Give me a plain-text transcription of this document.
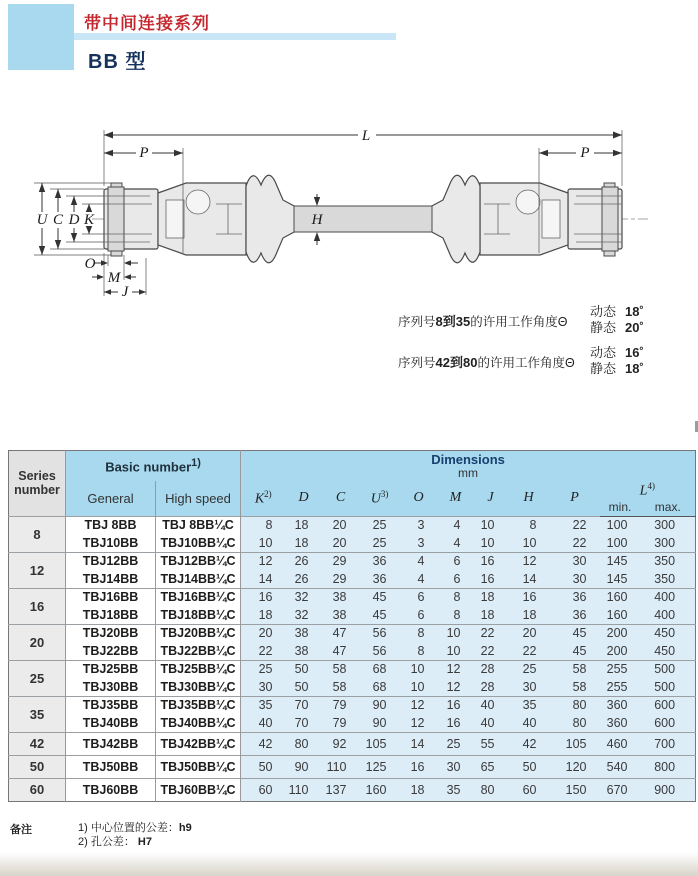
带中间连接系列
BB 型
L
P	P
U C D K	H
O
M
J
序列号8到35的许用工作角度Θ
动态 18˚
静态 20˚
序列号42到80的许用工作角度Θ
动态 16˚
静态 18˚
Series
number
	Basic number$^{1)}$	Dimensions
mm

	General	High speed	$K^{2)}$	D	C	$U^{3)}$	O	M	J	H	P	$L^{4)}$
												min.	max.
8	TBJ 8BB	TBJ 8BB¼C	8	18	20	25	3	4	10	8	22	100	300
	TBJ10BB	TBJ10BB¼C	10	18	20	25	3	4	10	10	22	100	300
12	TBJ12BB	TBJ12BB¼C	12	26	29	36	4	6	16	12	30	145	350
	TBJ14BB	TBJ14BB¼C	14	26	29	36	4	6	16	14	30	145	350
16	TBJ16BB	TBJ16BB¼C	16	32	38	45	6	8	18	16	36	160	400
	TBJ18BB	TBJ18BB¼C	18	32	38	45	6	8	18	18	36	160	400
20	TBJ20BB	TBJ20BB¼C	20	38	47	56	8	10	22	20	45	200	450
	TBJ22BB	TBJ22BB¼C	22	38	47	56	8	10	22	22	45	200	450
25	TBJ25BB	TBJ25BB¼C	25	50	58	68	10	12	28	25	58	255	500
	TBJ30BB	TBJ30BB¼C	30	50	58	68	10	12	28	30	58	255	500
35	TBJ35BB	TBJ35BB¼C	35	70	79	90	12	16	40	35	80	360	600
	TBJ40BB	TBJ40BB¼C	40	70	79	90	12	16	40	40	80	360	600
42	TBJ42BB	TBJ42BB¼C	42	80	92	105	14	25	55	42	105	460	700
50	TBJ50BB	TBJ50BB¼C	50	90	110	125	16	30	65	50	120	540	800
60	TBJ60BB	TBJ60BB¼C	60	110	137	160	18	35	80	60	150	670	900
备注	1) 中心位置的公差：h9
2) 孔公差： H7
